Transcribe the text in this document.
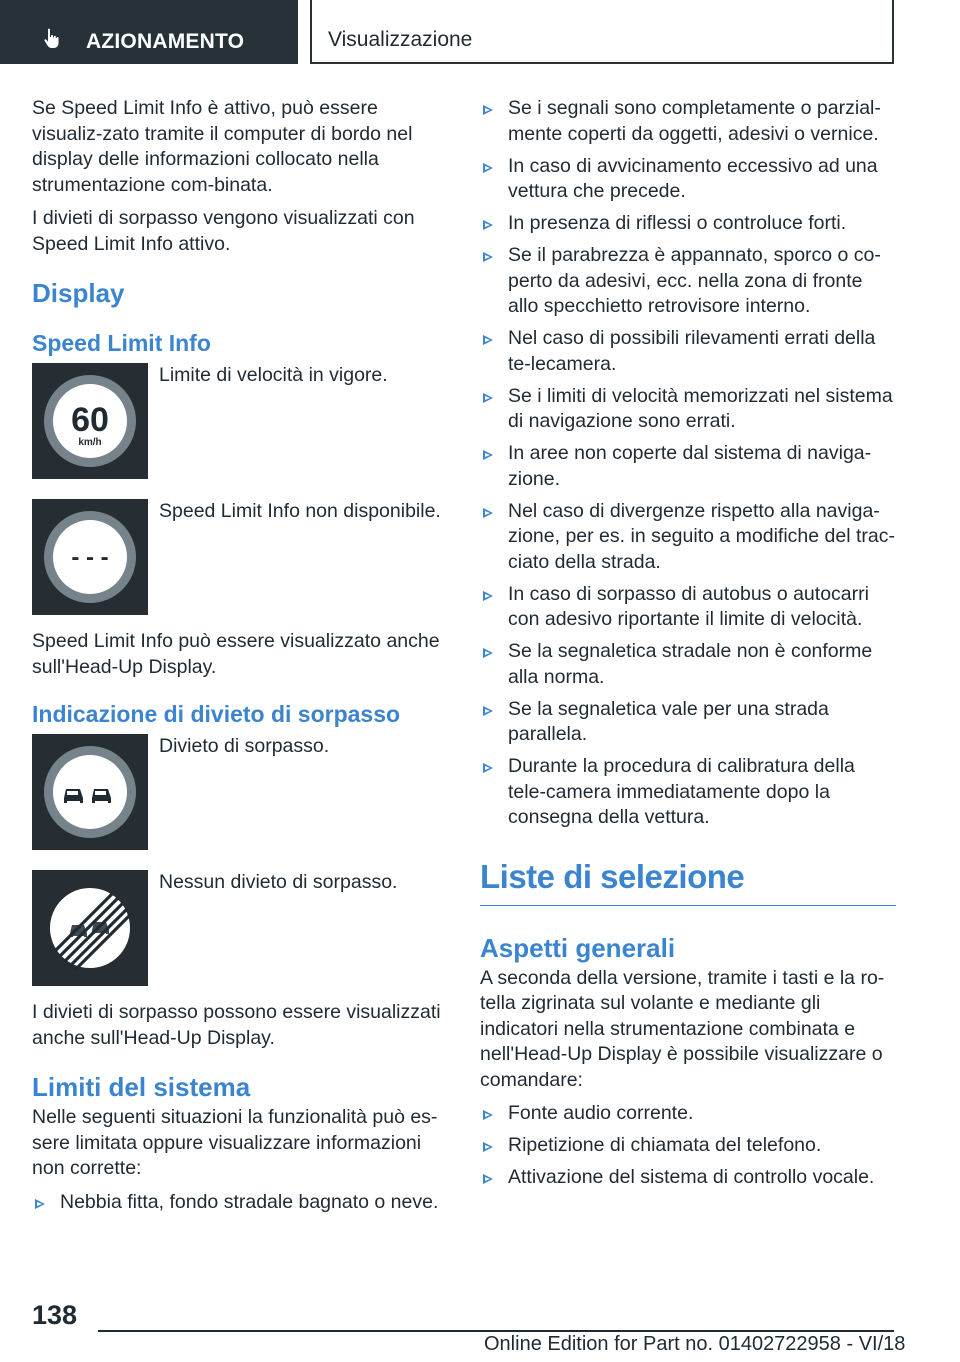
AZIONAMENTO	Visualizzazione

Se Speed Limit Info è attivo, può essere visualiz-zato tramite il computer di bordo nel display delle informazioni collocato nella strumentazione com-binata.

I divieti di sorpasso vengono visualizzati con Speed Limit Info attivo.

Display
Speed Limit Info
60
km/h

Limite di velocità in vigore.

- - -

Speed Limit Info non disponibile.

Speed Limit Info può essere visualizzato anche sull'Head-Up Display.

Indicazione di divieto di sorpasso

Divieto di sorpasso.

Nessun divieto di sorpasso.

I divieti di sorpasso possono essere visualizzati anche sull'Head-Up Display.

Limiti del sistema

Nelle seguenti situazioni la funzionalità può es-sere limitata oppure visualizzare informazioni non corrette:

Nebbia fitta, fondo stradale bagnato o neve.
Se i segnali sono completamente o parzial-mente coperti da oggetti, adesivi o vernice.
In caso di avvicinamento eccessivo ad una vettura che precede.
In presenza di riflessi o controluce forti.
Se il parabrezza è appannato, sporco o co-perto da adesivi, ecc. nella zona di fronte allo specchietto retrovisore interno.
Nel caso di possibili rilevamenti errati della te-lecamera.
Se i limiti di velocità memorizzati nel sistema di navigazione sono errati.
In aree non coperte dal sistema di naviga-zione.
Nel caso di divergenze rispetto alla naviga-zione, per es. in seguito a modifiche del trac-ciato della strada.
In caso di sorpasso di autobus o autocarri con adesivo riportante il limite di velocità.
Se la segnaletica stradale non è conforme alla norma.
Se la segnaletica vale per una strada parallela.
Durante la procedura di calibratura della tele-camera immediatamente dopo la consegna della vettura.
Liste di selezione
Aspetti generali

A seconda della versione, tramite i tasti e la ro-tella zigrinata sul volante e mediante gli indicatori nella strumentazione combinata e nell'Head-Up Display è possibile visualizzare o comandare:

Fonte audio corrente.
Ripetizione di chiamata del telefono.
Attivazione del sistema di controllo vocale.
138
Online Edition for Part no. 01402722958 - VI/18
